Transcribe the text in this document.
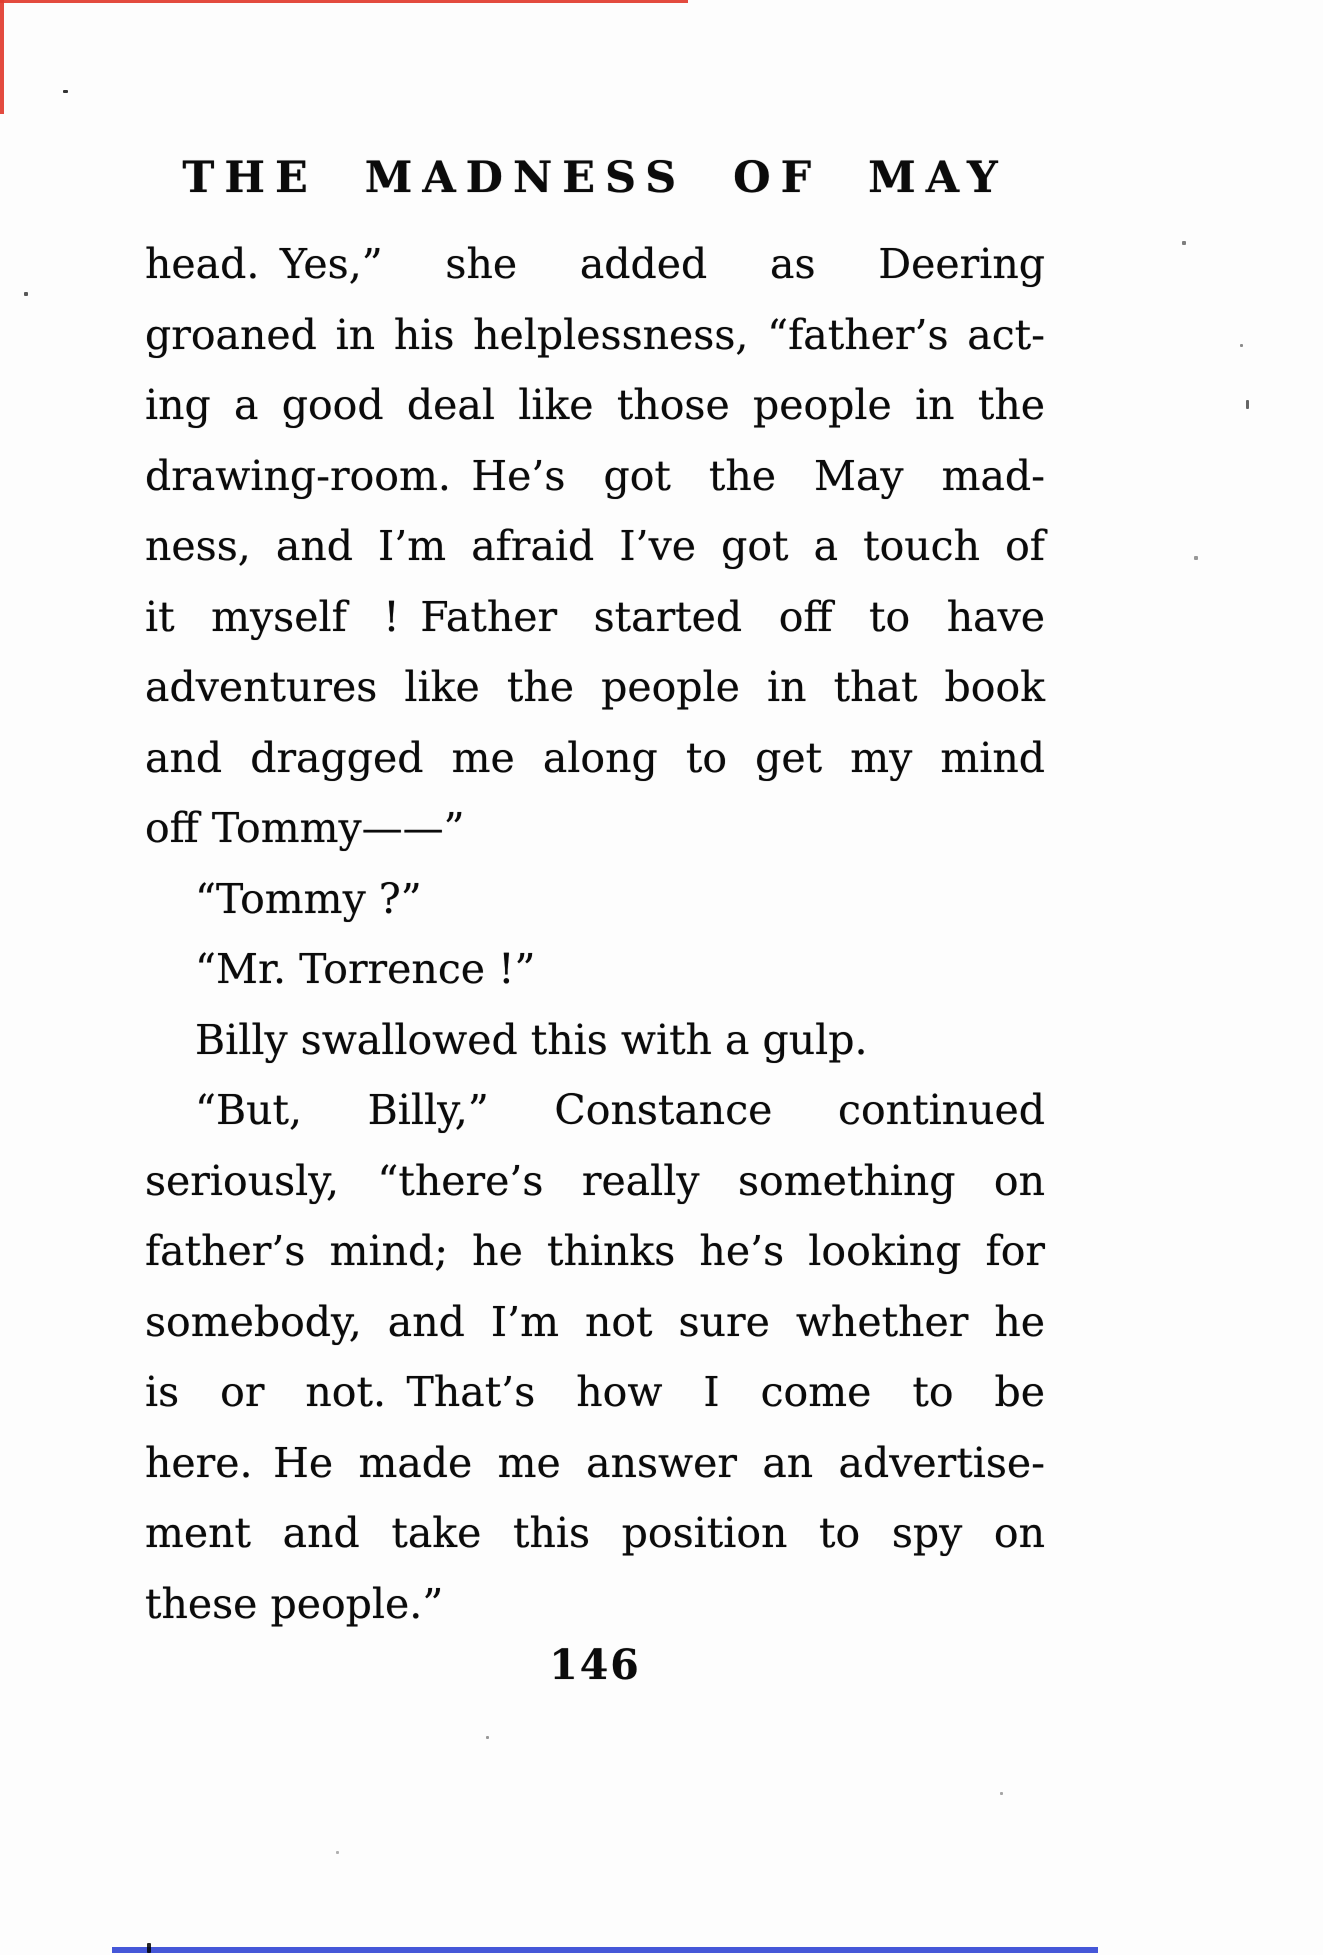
THE MADNESS OF MAY
head. Yes,” she added as Deering
groaned in his helplessness, “father’s act-
ing a good deal like those people in the
drawing-room. He’s got the May mad-
ness, and I’m afraid I’ve got a touch of
it myself ! Father started off to have
adventures like the people in that book
and dragged me along to get my mind
off Tommy——”
“Tommy ?”
“Mr. Torrence !”
Billy swallowed this with a gulp.
“But, Billy,” Constance continued
seriously, “there’s really something on
father’s mind; he thinks he’s looking for
somebody, and I’m not sure whether he
is or not. That’s how I come to be
here. He made me answer an advertise-
ment and take this position to spy on
these people.”
146
